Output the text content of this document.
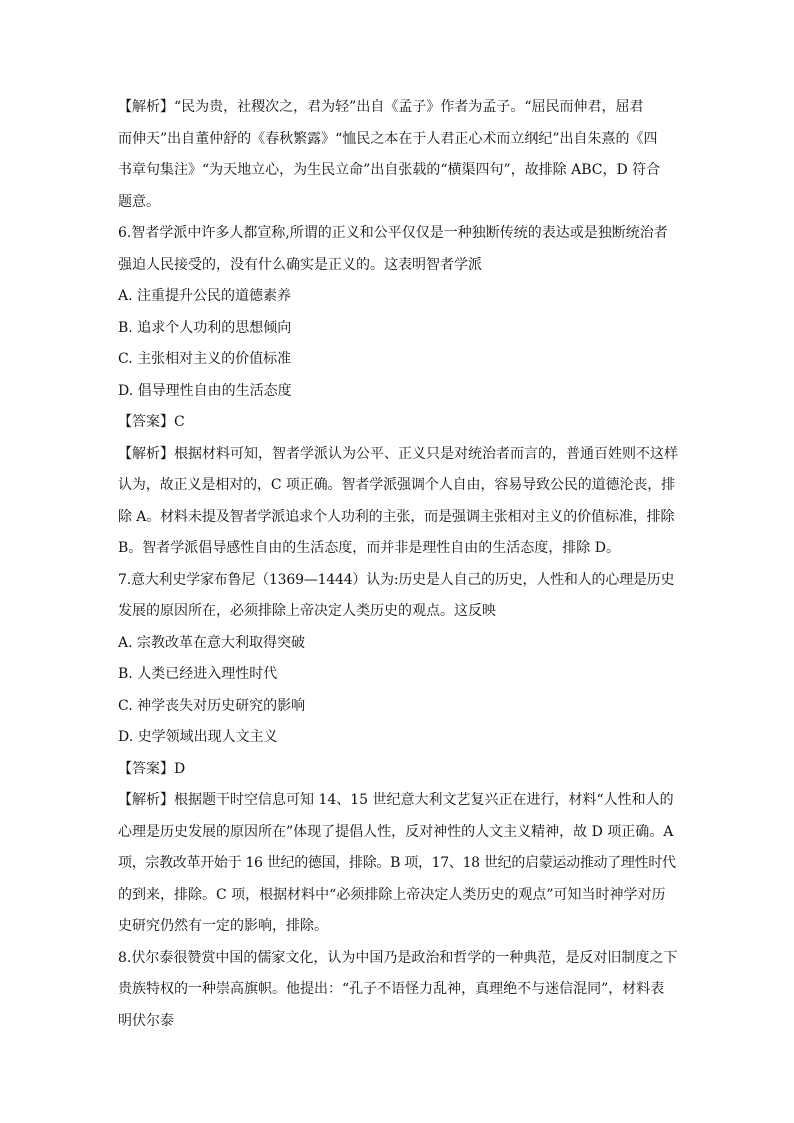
【解析】“民为贵，社稷次之，君为轻”出自《孟子》作者为孟子。“屈民而伸君，屈君
而伸天”出自董仲舒的《春秋繁露》“恤民之本在于人君正心术而立纲纪”出自朱熹的《四
书章句集注》“为天地立心，为生民立命”出自张载的“横渠四句”，故排除 ABC，D 符合
题意。
6.智者学派中许多人都宣称,所谓的正义和公平仅仅是一种独断传统的表达或是独断统治者
强迫人民接受的，没有什么确实是正义的。这表明智者学派
A. 注重提升公民的道德素养
B. 追求个人功利的思想倾向
C. 主张相对主义的价值标准
D. 倡导理性自由的生活态度
【答案】C
【解析】根据材料可知，智者学派认为公平、正义只是对统治者而言的，普通百姓则不这样
认为，故正义是相对的，C 项正确。智者学派强调个人自由，容易导致公民的道德沦丧，排
除 A。材料未提及智者学派追求个人功利的主张，而是强调主张相对主义的价值标准，排除
B。智者学派倡导感性自由的生活态度，而并非是理性自由的生活态度，排除 D。
7.意大利史学家布鲁尼（1369—1444）认为:历史是人自己的历史，人性和人的心理是历史
发展的原因所在，必须排除上帝决定人类历史的观点。这反映
A. 宗教改革在意大利取得突破
B. 人类已经进入理性时代
C. 神学丧失对历史研究的影响
D. 史学领域出现人文主义
【答案】D
【解析】根据题干时空信息可知 14、15 世纪意大利文艺复兴正在进行，材料“人性和人的
心理是历史发展的原因所在”体现了提倡人性，反对神性的人文主义精神，故 D 项正确。A
项，宗教改革开始于 16 世纪的德国，排除。B 项，17、18 世纪的启蒙运动推动了理性时代
的到来，排除。C 项，根据材料中“必须排除上帝决定人类历史的观点”可知当时神学对历
史研究仍然有一定的影响，排除。
8.伏尔泰很赞赏中国的儒家文化，认为中国乃是政治和哲学的一种典范，是反对旧制度之下
贵族特权的一种崇高旗帜。他提出：“孔子不语怪力乱神，真理绝不与迷信混同”，材料表
明伏尔泰
